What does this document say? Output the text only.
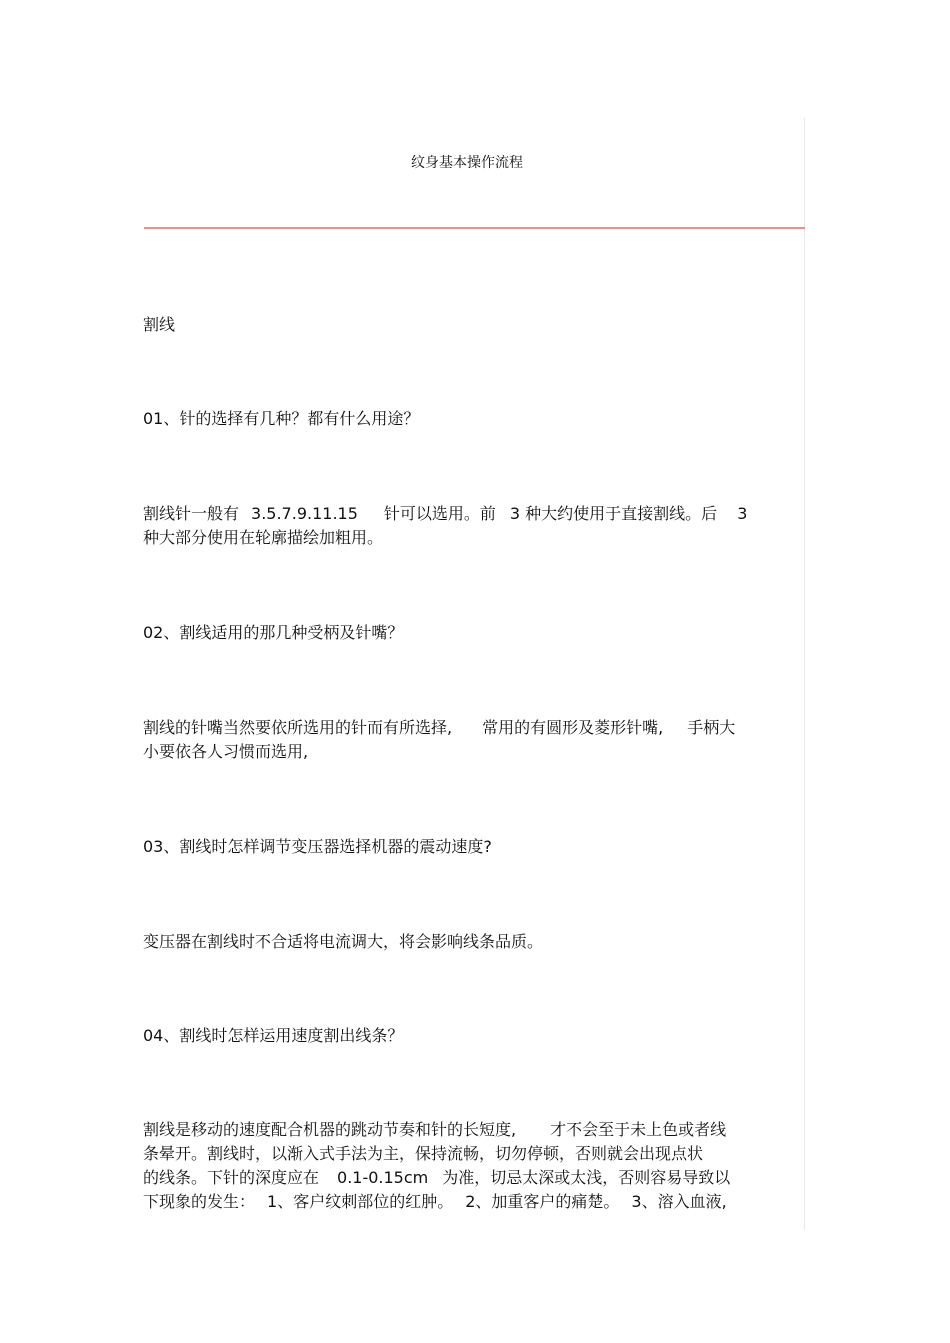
纹身基本操作流程
割线
01、针的选择有几种？都有什么用途？
割线针一般有 3.5.7.9.11.15 针可以选用。前 3 种大约使用于直接割线。后 3
种大部分使用在轮廓描绘加粗用。
02、割线适用的那几种受柄及针嘴？
割线的针嘴当然要依所选用的针而有所选择, 常用的有圆形及菱形针嘴, 手柄大
小要依各人习惯而选用,
03、割线时怎样调节变压器选择机器的震动速度?
变压器在割线时不合适将电流调大，将会影响线条品质。
04、割线时怎样运用速度割出线条？
割线是移动的速度配合机器的跳动节奏和针的长短度, 才不会至于未上色或者线
条晕开。割线时，以渐入式手法为主，保持流畅，切勿停顿，否则就会出现点状
的线条。下针的深度应在 0.1-0.15cm 为准，切忌太深或太浅，否则容易导致以
下现象的发生： 1、客户纹刺部位的红肿。 2、加重客户的痛楚。 3、溶入血液,
